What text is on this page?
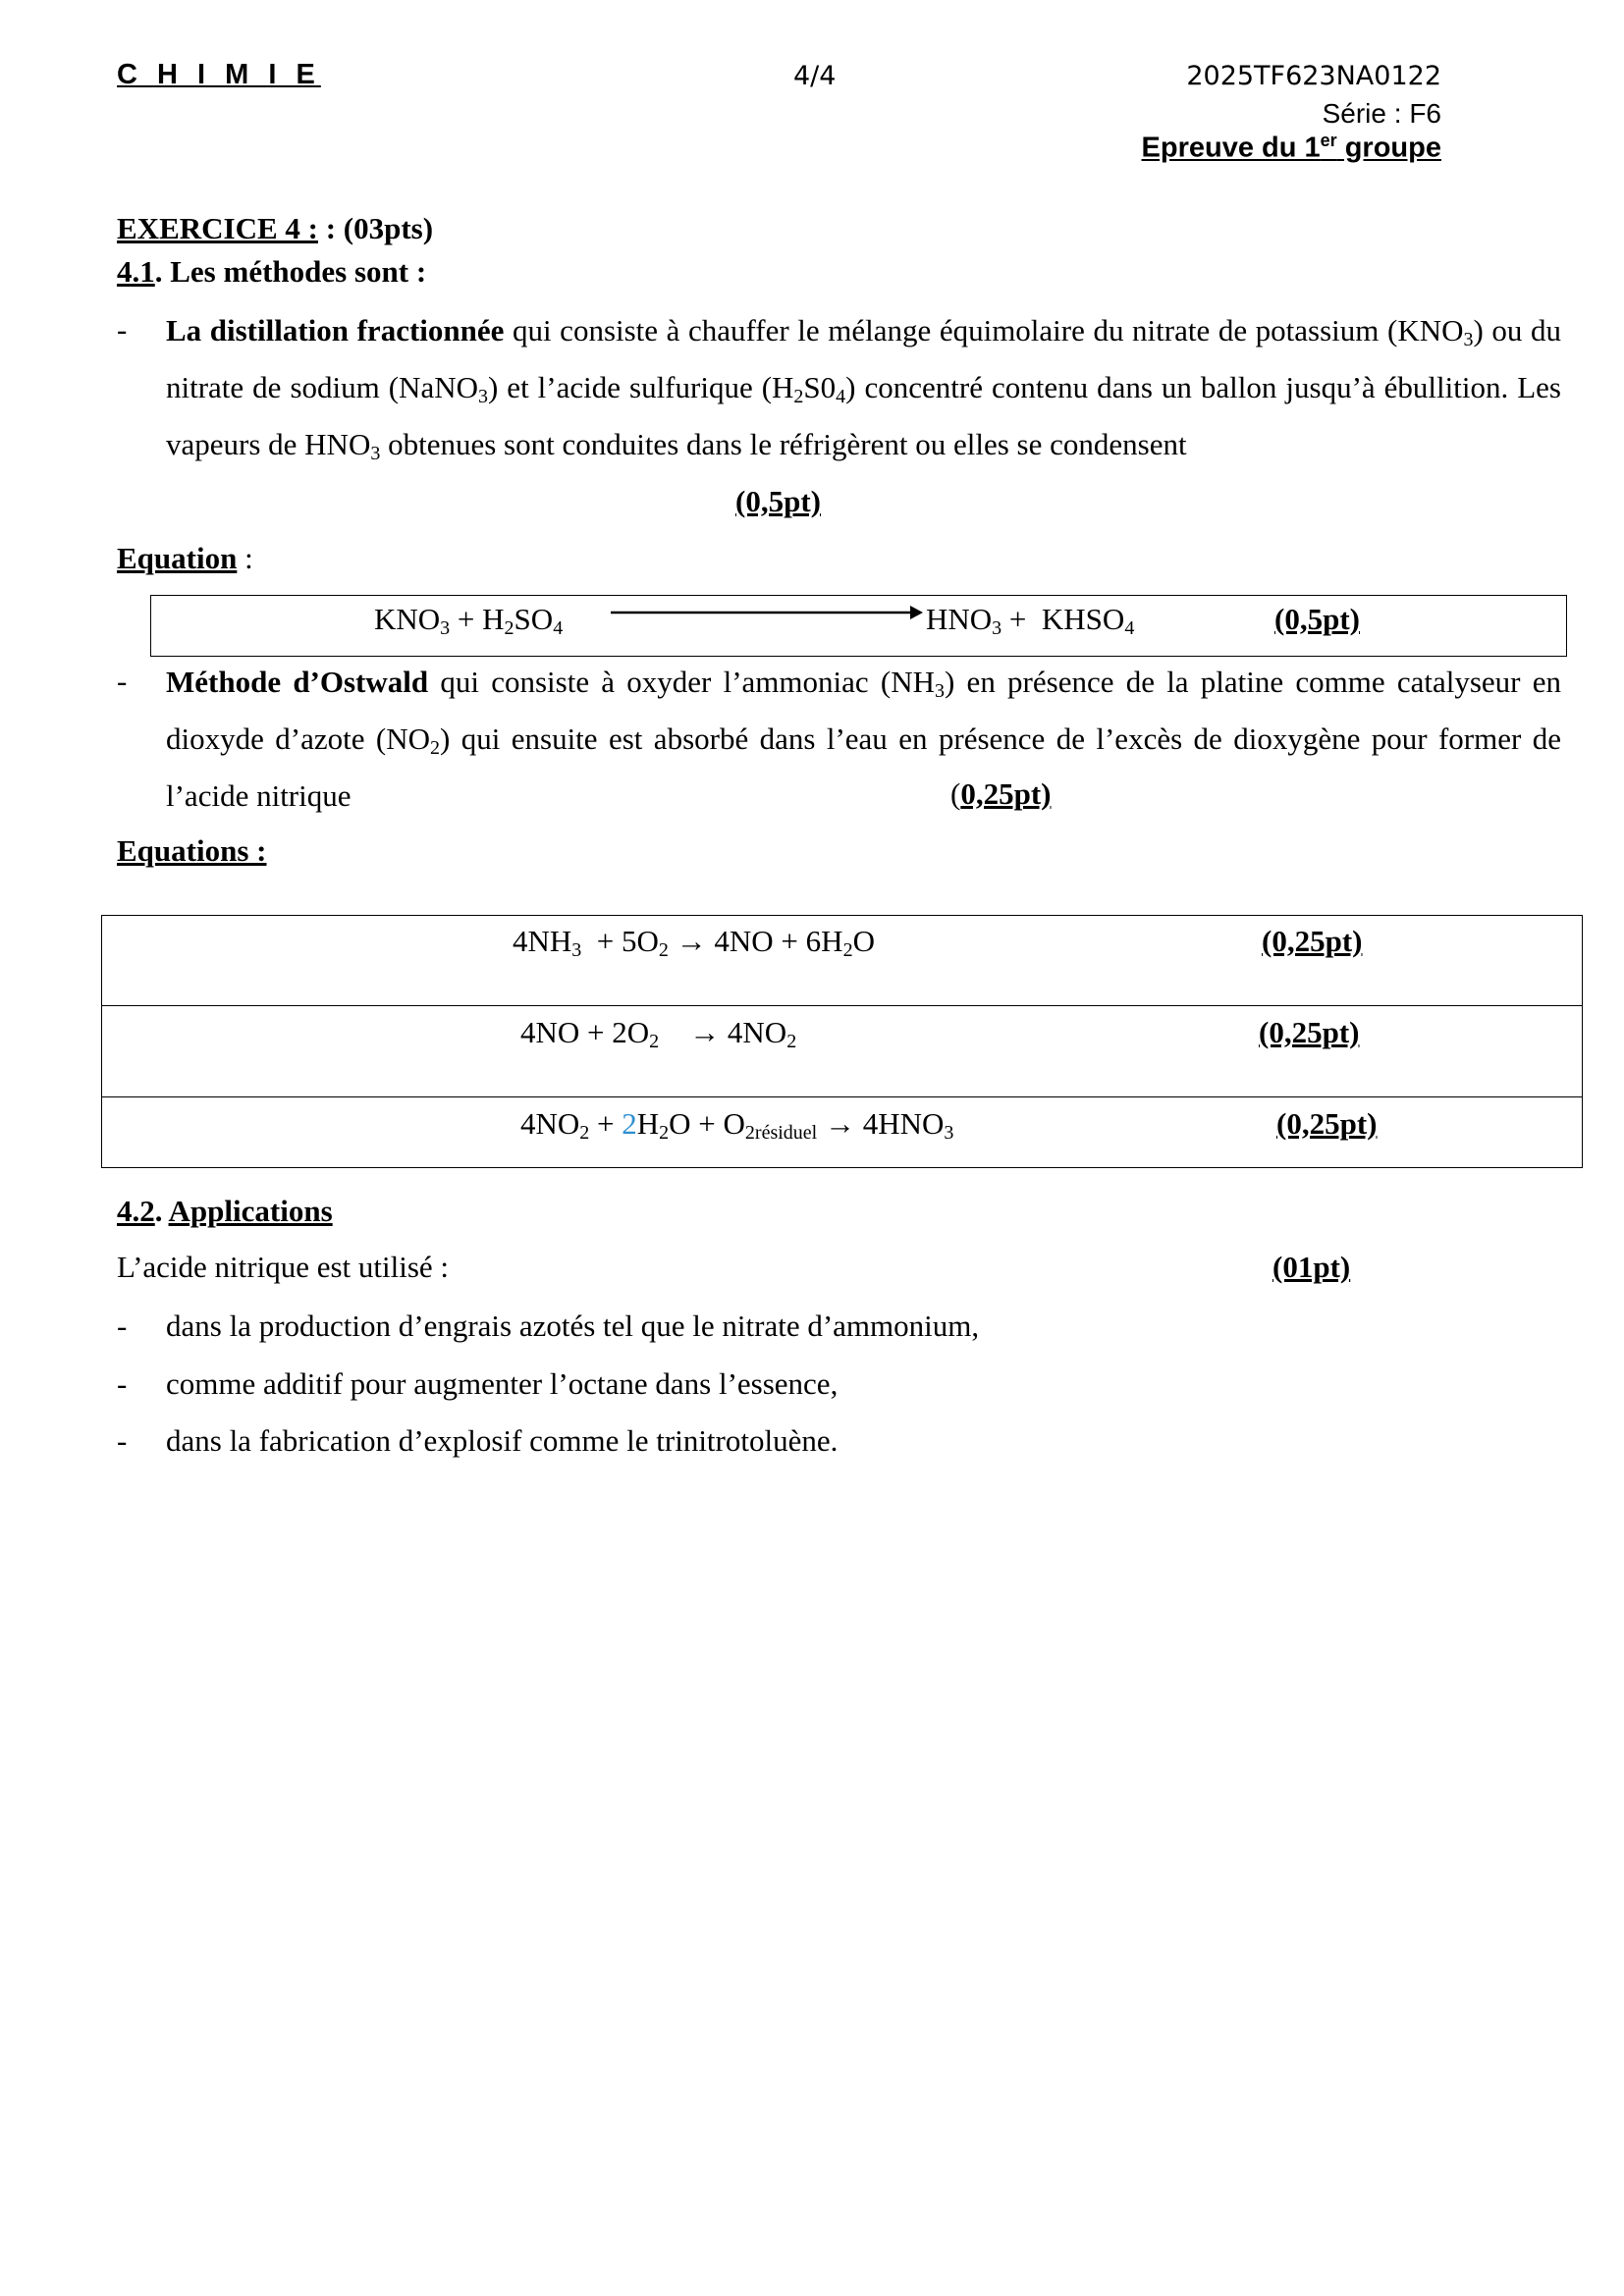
C H I M I E	4/4	2025TF623NA0122
Série : F6
Epreuve du 1er groupe
EXERCICE 4 : : (03pts)
4.1. Les méthodes sont :
- La distillation fractionnée qui consiste à chauffer le mélange équimolaire du nitrate de potassium $(KNO_3)$ ou du nitrate de sodium (NaNO$_3$) et l’acide sulfurique $(H_2S0_4)$ concentré contenu dans un ballon jusqu’à ébullition. Les vapeurs de $HNO_3$ obtenues sont conduites dans le réfrigèrent ou elles se condensent
(0,5pt)
Equation :
$KNO_3 + H_2SO_4$	$HNO_3$ +  $KHSO_4$	(0,5pt)
- Méthode d’Ostwald qui consiste à oxyder l’ammoniac $(NH_3)$ en présence de la platine comme catalyseur en dioxyde d’azote $(NO_2)$ qui ensuite est absorbé dans l’eau en présence de l’excès de dioxygène pour former de l’acide nitrique	(0,25pt)
Equations :
$4NH_3 + 5O_2 \to 4NO + 6H_2O$	(0,25pt)
$4NO + 2O_2$    → $4NO_2$	(0,25pt)
$4NO_2 + 2H_2O + O_{2résiduel} \to 4HNO_3$	(0,25pt)
4.2. Applications
L’acide nitrique est utilisé :	(01pt)
- dans la production d’engrais azotés tel que le nitrate d’ammonium,
- comme additif pour augmenter l’octane dans l’essence,
- dans la fabrication d’explosif comme le trinitrotoluène.
